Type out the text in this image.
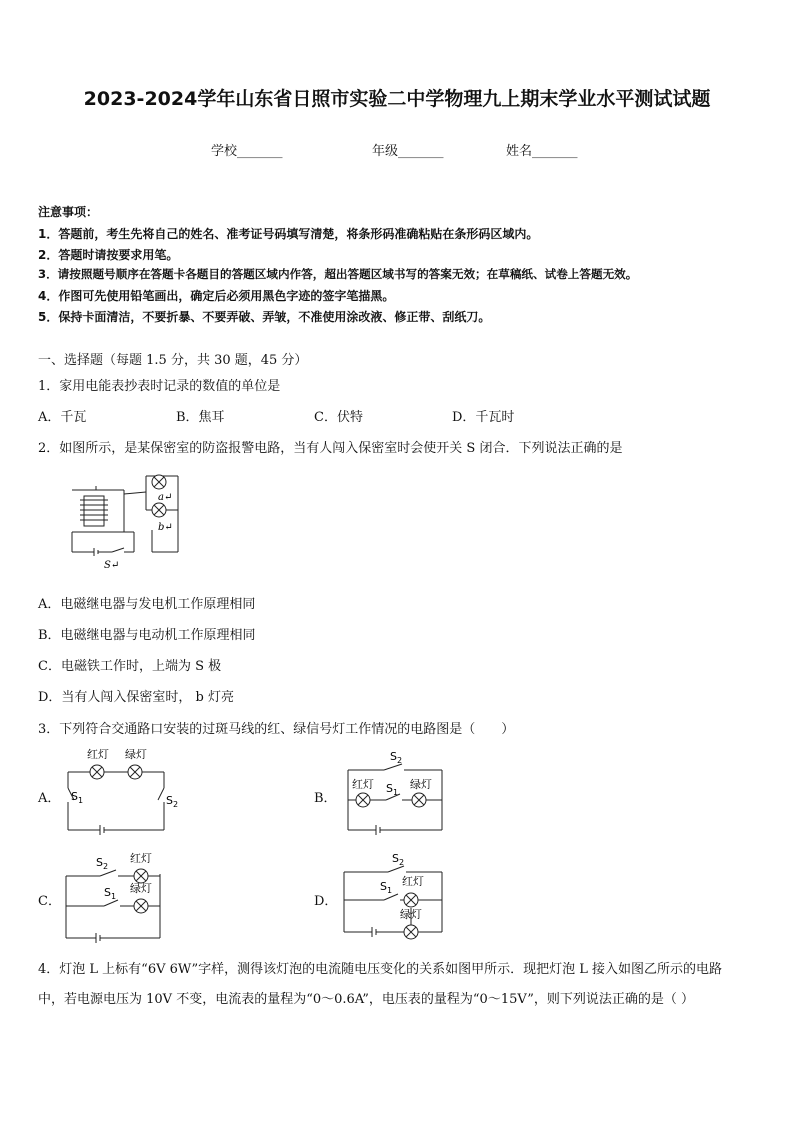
2023-2024学年山东省日照市实验二中学物理九上期末学业水平测试试题
学校_______	年级_______	姓名_______
注意事项：
1．答题前，考生先将自己的姓名、准考证号码填写清楚，将条形码准确粘贴在条形码区域内。
2．答题时请按要求用笔。
3．请按照题号顺序在答题卡各题目的答题区域内作答，超出答题区域书写的答案无效；在草稿纸、试卷上答题无效。
4．作图可先使用铅笔画出，确定后必须用黑色字迹的签字笔描黑。
5．保持卡面清洁，不要折暴、不要弄破、弄皱，不准使用涂改液、修正带、刮纸刀。
一、选择题（每题 1.5 分，共 30 题，45 分）
1．家用电能表抄表时记录的数值的单位是
A．千瓦	B．焦耳	C．伏特	D．千瓦时
2．如图所示，是某保密室的防盗报警电路，当有人闯入保密室时会使开关 S 闭合．下列说法正确的是
a↵
b↵
S↵
A．电磁继电器与发电机工作原理相同
B．电磁继电器与电动机工作原理相同
C．电磁铁工作时，上端为 S 极
D．当有人闯入保密室时， b 灯亮
3．下列符合交通路口安装的过斑马线的红、绿信号灯工作情况的电路图是（　　）
A．	B．
C．	D．
红灯 绿灯
$S_1$	$S_2$
$S_2$
红灯 $S_1$
绿灯
$S_2$
红灯
$S_1$
绿灯
$S_2$
红灯
$S_1$
绿灯
4．灯泡 L 上标有“6V 6W”字样，测得该灯泡的电流随电压变化的关系如图甲所示．现把灯泡 L 接入如图乙所示的电路
中，若电源电压为 10V 不变，电流表的量程为“0～0.6A”，电压表的量程为“0～15V”，则下列说法正确的是（ ）
